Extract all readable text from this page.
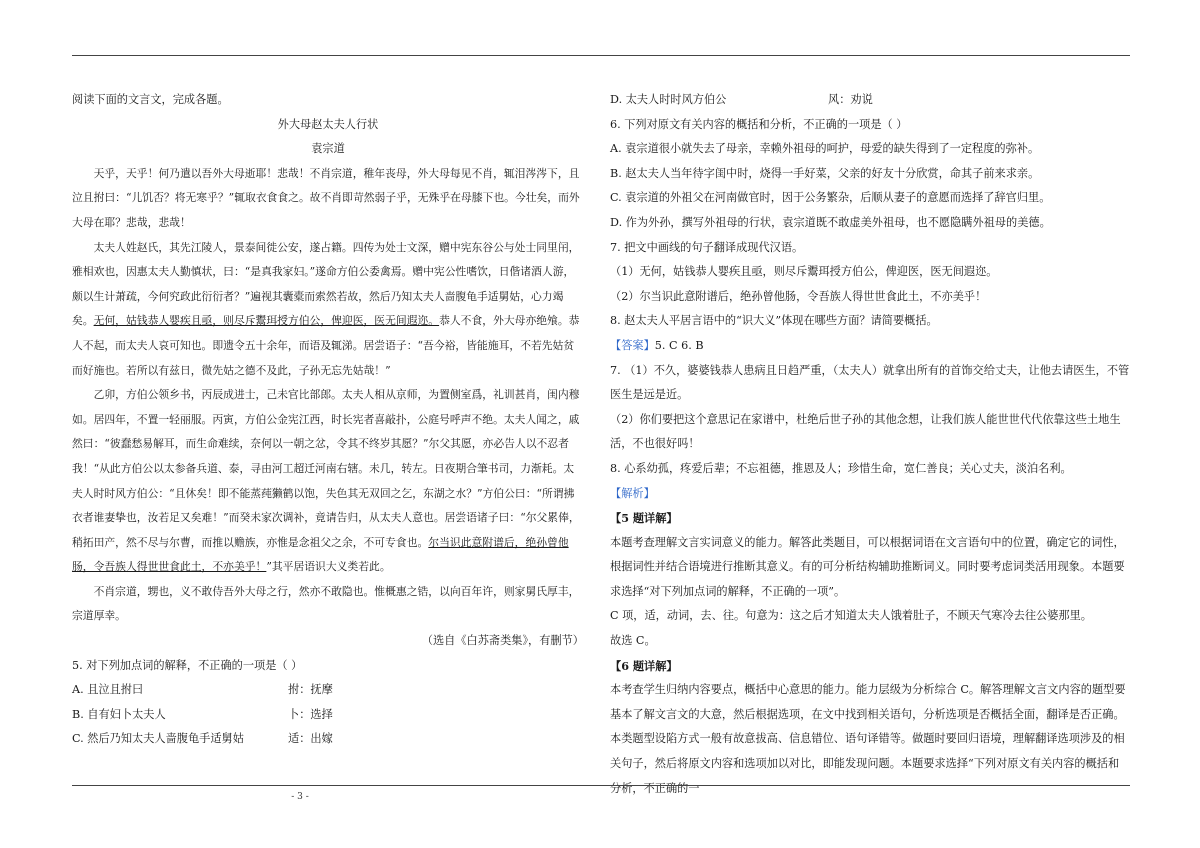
阅读下面的文言文，完成各题。

外大母赵太夫人行状

袁宗道

天乎，天乎！何乃遣以吾外大母逝耶！悲哉！不肖宗道，稚年丧母，外大母每见不肖，辄泪涔涔下，且泣且拊曰：“儿饥否？将无寒乎？”辄取衣食食之。故不肖即苛然弱子乎，无殊乎在母膝下也。今壮矣，而外大母在耶？悲哉，悲哉！

太夫人姓赵氏，其先江陵人，景泰间徙公安，遂占籍。四传为处士文深，赠中宪东谷公与处士同里闬，雅相欢也，因惠太夫人勤慎状，曰：“是真我家妇。”遂命方伯公委禽焉。赠中宪公性嗜饮，日偕诸酒人游，颇以生计萧疏，今何究政此衍衍者？”遍视其囊橐而索然若故，然后乃知太夫人啬腹龟手适舅姑，心力竭矣。无何，姑钱恭人婴疾且亟，则尽斥鬻珥授方伯公，俾迎医，医无间遐迩。恭人不食，外大母亦绝飧。恭人不起，而太夫人哀可知也。即遗令五十余年，而语及辄涕。居尝语子：“吾今裕，皆能施耳，不若先姑贫而好施也。若所以有兹日，微先姑之德不及此，子孙无忘先姑哉！”

乙卯，方伯公领乡书，丙辰成进士，己未官比部郎。太夫人相从京师，为置侧室爲，礼训甚肖，闺内穆如。居四年，不置一轻丽服。丙寅，方伯公金宪江西，时长宪者喜敲扑，公庭号呼声不绝。太夫人闻之，戚然曰：“彼蠢愁易解耳，而生命难续，奈何以一朝之忿，令其不终岁其愿？”尔父其愿，亦必告人以不忍者我！“从此方伯公以太参备兵道、泰，寻由河工超迁河南右辖。未几，转左。日夜期合筆书司，力渐耗。太夫人时时风方伯公：“且休矣！即不能蒸莼獭鹤以饱，失色其无双回之乞，东湖之水？”方伯公曰：“所谓拂衣者谁妻挚也，汝若足又矣难！”而癸未家次调补，竟请告归，从太夫人意也。居尝语诸子曰：“尔父累俸，稍拓田产，然不尽与尔曹，而推以赡族，亦惟是念祖父之余，不可专食也。尔当识此意附谱后，绝孙曾他肠，令吾族人得世世食此土，不亦美乎！”其平居语识大义类若此。

不肖宗道，甥也，义不敢侍吾外大母之行，然亦不敢隐也。惟概惠之锆，以向百年许，则家舅氏厚丰，宗道厚幸。

（选自《白苏斋类集》，有删节）

5. 对下列加点词的解释，不正确的一项是（ ）

A. 且泣且拊曰	拊：抚摩
B. 自有妇卜太夫人	卜：选择
C. 然后乃知太夫人啬腹龟手适舅姑	适：出嫁
D. 太夫人时时风方伯公	风：劝说

6. 下列对原文有关内容的概括和分析，不正确的一项是（ ）

A. 袁宗道很小就失去了母亲，幸赖外祖母的呵护，母爱的缺失得到了一定程度的弥补。

B. 赵太夫人当年待字闺中时，烧得一手好菜，父亲的好友十分欣赏，命其子前来求亲。

C. 袁宗道的外祖父在河南做官时，因于公务繁杂，后顺从妻子的意愿而选择了辞官归里。

D. 作为外孙，撰写外祖母的行状，袁宗道既不敢虚美外祖母，也不愿隐瞒外祖母的美德。

7. 把文中画线的句子翻译成现代汉语。

（1）无何，姑钱恭人婴疾且亟，则尽斥鬻珥授方伯公，俾迎医，医无间遐迩。

（2）尔当识此意附谱后，绝孙曾他肠，令吾族人得世世食此土，不亦美乎！

8. 赵太夫人平居言语中的“识大义”体现在哪些方面？请简要概括。

【答案】5. C 6. B

7. （1）不久，婆婆钱恭人患病且日趋严重，（太夫人）就拿出所有的首饰交给丈夫，让他去请医生，不管医生是远是近。

（2）你们要把这个意思记在家谱中，杜绝后世子孙的其他念想，让我们族人能世世代代依靠这些土地生活，不也很好吗！

8. 心系幼孤，疼爱后辈；不忘祖德，推恩及人；珍惜生命，宽仁善良；关心丈夫，淡泊名利。

【解析】

【5 题详解】

本题考查理解文言实词意义的能力。解答此类题目，可以根据词语在文言语句中的位置，确定它的词性，根据词性并结合语境进行推断其意义。有的可分析结构辅助推断词义。同时要考虑词类活用现象。本题要求选择“对下列加点词的解释，不正确的一项”。

C 项，适，动词，去、往。句意为：这之后才知道太夫人饿着肚子，不顾天气寒冷去往公婆那里。

故选 C。

【6 题详解】

本考查学生归纳内容要点，概括中心意思的能力。能力层级为分析综合 C。解答理解文言文内容的题型要基本了解文言文的大意，然后根据选项，在文中找到相关语句，分析选项是否概括全面，翻译是否正确。本类题型设陷方式一般有故意拔高、信息错位、语句译错等。做题时要回归语境，理解翻译选项涉及的相关句子，然后将原文内容和选项加以对比，即能发现问题。本题要求选择“下列对原文有关内容的概括和分析，不正确的一

- 3 -
